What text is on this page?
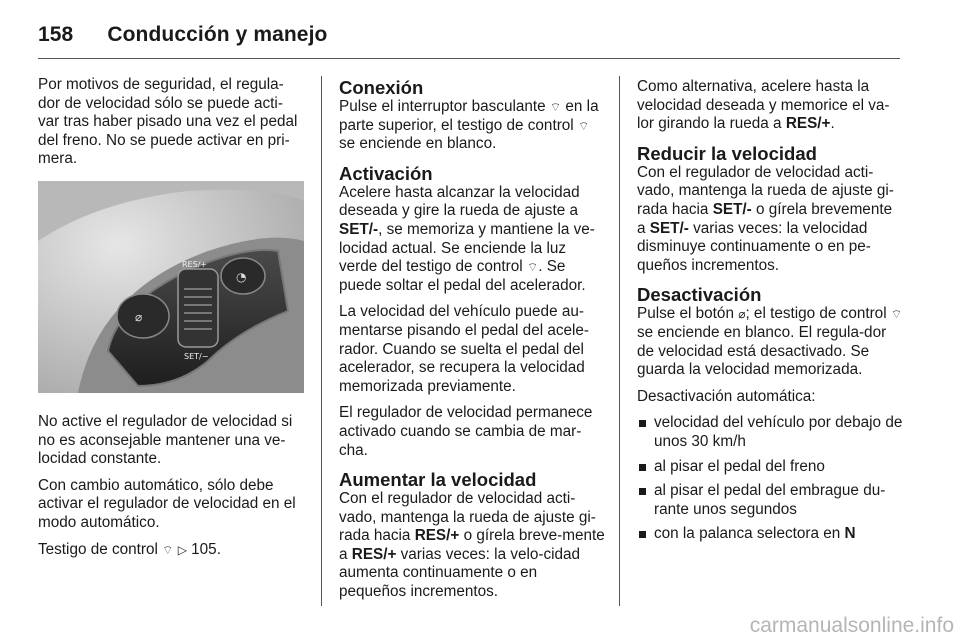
158 Conducción y manejo

Por motivos de seguridad, el regula-dor de velocidad sólo se puede acti-var tras haber pisado una vez el pedal del freno. No se puede activar en pri-mera.

⌀
◔
RES/+
SET/−

No active el regulador de velocidad si no es aconsejable mantener una ve-locidad constante.

Con cambio automático, sólo debe activar el regulador de velocidad en el modo automático.

Testigo de control ⌔ ▷ 105.

Conexión

Pulse el interruptor basculante ⌔ en la parte superior, el testigo de control ⌔ se enciende en blanco.

Activación

Acelere hasta alcanzar la velocidad deseada y gire la rueda de ajuste a SET/-, se memoriza y mantiene la ve-locidad actual. Se enciende la luz verde del testigo de control ⌔. Se puede soltar el pedal del acelerador.

La velocidad del vehículo puede au-mentarse pisando el pedal del acele-rador. Cuando se suelta el pedal del acelerador, se recupera la velocidad memorizada previamente.

El regulador de velocidad permanece activado cuando se cambia de mar-cha.

Aumentar la velocidad

Con el regulador de velocidad acti-vado, mantenga la rueda de ajuste gi-rada hacia RES/+ o gírela breve-mente a RES/+ varias veces: la velo-cidad aumenta continuamente o en pequeños incrementos.

Como alternativa, acelere hasta la velocidad deseada y memorice el va-lor girando la rueda a RES/+.

Reducir la velocidad

Con el regulador de velocidad acti-vado, mantenga la rueda de ajuste gi-rada hacia SET/- o gírela brevemente a SET/- varias veces: la velocidad disminuye continuamente o en pe-queños incrementos.

Desactivación

Pulse el botón ⌀; el testigo de control ⌔ se enciende en blanco. El regula-dor de velocidad está desactivado. Se guarda la velocidad memorizada.

Desactivación automática:

velocidad del vehículo por debajo de unos 30 km/h
al pisar el pedal del freno
al pisar el pedal del embrague du-rante unos segundos
con la palanca selectora en N
carmanualsonline.info
